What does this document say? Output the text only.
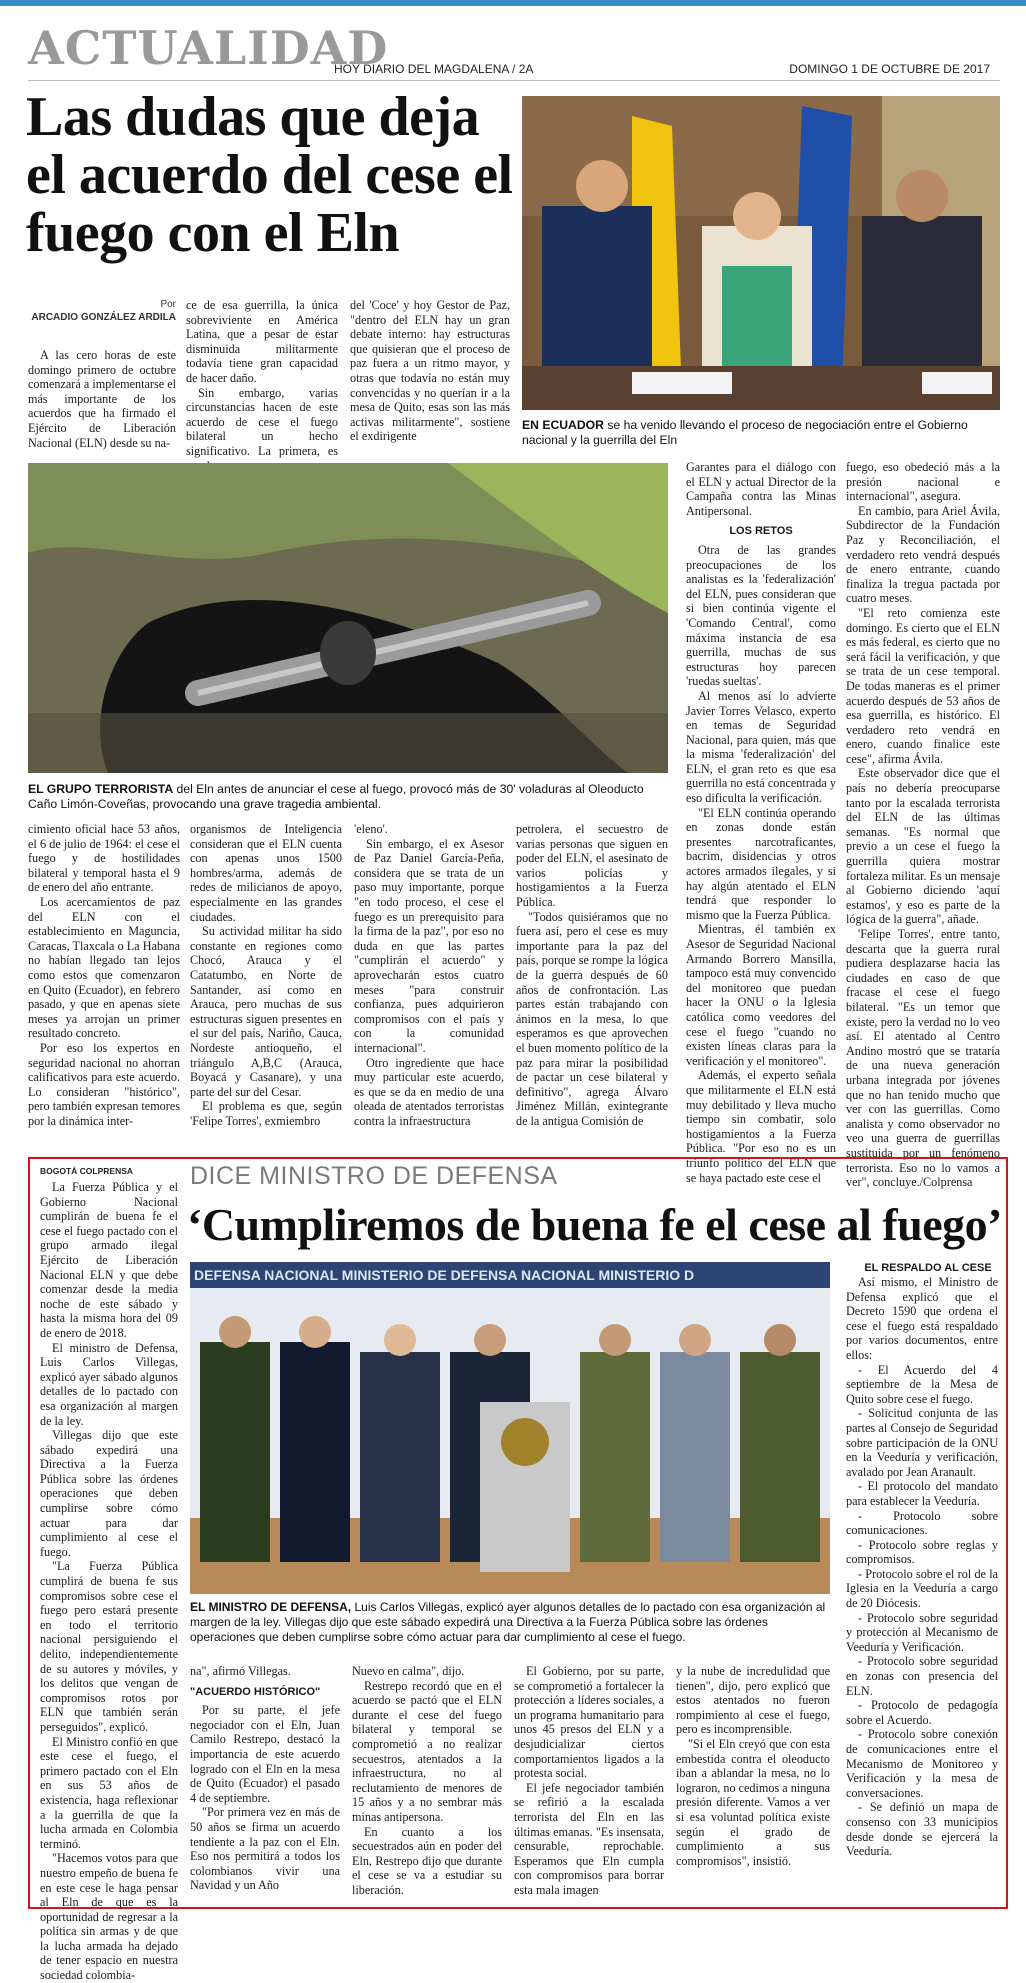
ACTUALIDAD
HOY DIARIO DEL MAGDALENA / 2A	DOMINGO 1 DE OCTUBRE DE 2017
Las dudas que deja el acuerdo del cese el fuego con el Eln
Por
ARCADIO GONZÁLEZ ARDILA

A las cero horas de este domingo primero de octubre comenzará a implementarse el más importante de los acuerdos que ha firmado el Ejército de Liberación Nacional (ELN) desde su na-

ce de esa guerrilla, la única sobreviviente en América Latina, que a pesar de estar disminuida militarmente todavía tiene gran capacidad de hacer daño.

Sin embargo, varias circunstancias hacen de este acuerdo de cese el fuego bilateral un hecho significativo. La primera, es

del 'Coce' y hoy Gestor de Paz, "dentro del ELN hay un gran debate interno: hay estructuras que quisieran que el proceso de paz fuera a un ritmo mayor, y otras que todavía no están muy convencidas y no querían ir a la mesa de Quito, esas son las más activas militarmente", sostiene el exdirigente

EN ECUADOR se ha venido llevando el proceso de negociación entre el Gobierno nacional y la guerrilla del Eln
EL GRUPO TERRORISTA del Eln antes de anunciar el cese al fuego, provocó más de 30' voladuras al Oleoducto Caño Limón-Coveñas, provocando una grave tragedia ambiental.

Garantes para el diálogo con el ELN y actual Director de la Campaña contra las Minas Antipersonal.

LOS RETOS

Otra de las grandes preocupaciones de los analistas es la 'federalización' del ELN, pues consideran que si bien continúa vigente el 'Comando Central', como máxima instancia de esa guerrilla, muchas de sus estructuras hoy parecen 'ruedas sueltas'.

Al menos así lo advierte Javier Torres Velasco, experto en temas de Seguridad Nacional, para quien, más que la misma 'federalización' del ELN, el gran reto es que esa guerrilla no está concentrada y eso dificulta la verificación.

"El ELN continúa operando en zonas donde están presentes narcotraficantes, bacrim, disidencias y otros actores armados ilegales, y si hay algún atentado el ELN tendrá que responder lo mismo que la Fuerza Pública.

Mientras, él también ex Asesor de Seguridad Nacional Armando Borrero Mansilla, tampoco está muy convencido del monitoreo que puedan hacer la ONU o la Iglesia católica como veedores del cese el fuego "cuando no existen líneas claras para la verificación y el monitoreo".

Además, el experto señala que militarmente el ELN está muy debilitado y lleva mucho tiempo sin combatir, solo hostigamientos a la Fuerza Pública. "Por eso no es un triunfo político del ELN que se haya pactado este cese el

fuego, eso obedeció más a la presión nacional e internacional", asegura.

En cambio, para Ariel Ávila, Subdirector de la Fundación Paz y Reconciliación, el verdadero reto vendrá después de enero entrante, cuando finaliza la tregua pactada por cuatro meses.

"El reto comienza este domingo. Es cierto que el ELN es más federal, es cierto que no será fácil la verificación, y que se trata de un cese temporal. De todas maneras es el primer acuerdo después de 53 años de esa guerrilla, es histórico. El verdadero reto vendrá en enero, cuando finalice este cese", afirma Ávila.

Este observador dice que el país no debería preocuparse tanto por la escalada terrorista del ELN de las últimas semanas. "Es normal que previo a un cese el fuego la guerrilla quiera mostrar fortaleza militar. Es un mensaje al Gobierno diciendo 'aquí estamos', y eso es parte de la lógica de la guerra", añade.

'Felipe Torres', entre tanto, descarta que la guerra rural pudiera desplazarse hacia las ciudades en caso de que fracase el cese el fuego bilateral. "Es un temor que existe, pero la verdad no lo veo así. El atentado al Centro Andino mostró que se trataría de una nueva generación urbana integrada por jóvenes que no han tenido mucho que ver con las guerrillas. Como analista y como observador no veo una guerra de guerrillas sustituida por un fenómeno terrorista. Eso no lo vamos a ver", concluye./Colprensa

cimiento oficial hace 53 años, el 6 de julio de 1964: el cese el fuego y de hostilidades bilateral y temporal hasta el 9 de enero del año entrante.

Los acercamientos de paz del ELN con el establecimiento en Maguncia, Caracas, Tlaxcala o La Habana no habían llegado tan lejos como estos que comenzaron en Quito (Ecuador), en febrero pasado, y que en apenas siete meses ya arrojan un primer resultado concreto.

Por eso los expertos en seguridad nacional no ahorran calificativos para este acuerdo. Lo consideran "histórico", pero también expresan temores por la dinámica inter-

organismos de Inteligencia consideran que el ELN cuenta con apenas unos 1500 hombres/arma, además de redes de milicianos de apoyo, especialmente en las grandes ciudades.

Su actividad militar ha sido constante en regiones como Chocó, Arauca y el Catatumbo, en Norte de Santander, así como en Arauca, pero muchas de sus estructuras siguen presentes en el sur del país, Nariño, Cauca, Nordeste antioqueño, el triángulo A,B,C (Arauca, Boyacá y Casanare), y una parte del sur del Cesar.

El problema es que, según 'Felipe Torres', exmiembro

'eleno'.

Sin embargo, el ex Asesor de Paz Daniel García-Peña, considera que se trata de un paso muy importante, porque "en todo proceso, el cese el fuego es un prerequisito para la firma de la paz", por eso no duda en que las partes "cumplirán el acuerdo" y aprovecharán estos cuatro meses "para construir confianza, pues adquirieron compromisos con el país y con la comunidad internacional".

Otro ingrediente que hace muy particular este acuerdo, es que se da en medio de una oleada de atentados terroristas contra la infraestructura

petrolera, el secuestro de varias personas que siguen en poder del ELN, el asesinato de varios policías y hostigamientos a la Fuerza Pública.

"Todos quisiéramos que no fuera así, pero el cese es muy importante para la paz del país, porque se rompe la lógica de la guerra después de 60 años de confrontación. Las partes están trabajando con ánimos en la mesa, lo que esperamos es que aprovechen el buen momento político de la paz para mirar la posibilidad de pactar un cese bilateral y definitivo", agrega Álvaro Jiménez Millán, exintegrante de la antigua Comisión de

BOGOTÁ COLPRENSA DICE MINISTRO DE DEFENSA
‘Cumpliremos de buena fe el cese al fuego’

La Fuerza Pública y el Gobierno Nacional cumplirán de buena fe el cese el fuego pactado con el grupo armado ilegal Ejército de Liberación Nacional ELN y que debe comenzar desde la media noche de este sábado y hasta la misma hora del 09 de enero de 2018.

El ministro de Defensa, Luis Carlos Villegas, explicó ayer sábado algunos detalles de lo pactado con esa organización al margen de la ley.

Villegas dijo que este sábado expedirá una Directiva a la Fuerza Pública sobre las órdenes operaciones que deben cumplirse sobre cómo actuar para dar cumplimiento al cese el fuego.

"La Fuerza Pública cumplirá de buena fe sus compromisos sobre cese el fuego pero estará presente en todo el territorio nacional persiguiendo el delito, independientemente de su autores y móviles, y los delitos que vengan de compromisos rotos por ELN que también serán perseguidos", explicó.

El Ministro confió en que este cese el fuego, el primero pactado con el Eln en sus 53 años de existencia, haga reflexionar a la guerrilla de que la lucha armada en Colombia terminó.

"Hacemos votos para que nuestro empeño de buena fe en este cese le haga pensar al Eln de que es la oportunidad de regresar a la política sin armas y de que la lucha armada ha dejado de tener espacio en nuestra sociedad colombia-

DEFENSA NACIONAL MINISTERIO DE DEFENSA NACIONAL MINISTERIO D
EL MINISTRO DE DEFENSA, Luis Carlos Villegas, explicó ayer algunos detalles de lo pactado con esa organización al margen de la ley. Villegas dijo que este sábado expedirá una Directiva a la Fuerza Pública sobre las órdenes operaciones que deben cumplirse sobre cómo actuar para dar cumplimiento al cese el fuego.

na", afirmó Villegas.

"ACUERDO HISTÓRICO"

Por su parte, el jefe negociador con el Eln, Juan Camilo Restrepo, destacó la importancia de este acuerdo logrado con el Eln en la mesa de Quito (Ecuador) el pasado 4 de septiembre.

"Por primera vez en más de 50 años se firma un acuerdo tendiente a la paz con el Eln. Eso nos permitirá a todos los colombianos vivir una Navidad y un Año

Nuevo en calma", dijo.

Restrepo recordó que en el acuerdo se pactó que el ELN durante el cese del fuego bilateral y temporal se comprometió a no realizar secuestros, atentados a la infraestructura, no al reclutamiento de menores de 15 años y a no sembrar más minas antipersona.

En cuanto a los secuestrados aún en poder del Eln, Restrepo dijo que durante el cese se va a estudiar su liberación.

El Gobierno, por su parte, se comprometió a fortalecer la protección a líderes sociales, a un programa humanitario para unos 45 presos del ELN y a desjudicializar ciertos comportamientos ligados a la protesta social.

El jefe negociador también se refirió a la escalada terrorista del Eln en las últimas emanas. "Es insensata, censurable, reprochable. Esperamos que Eln cumpla con compromisos para borrar esta mala imagen

y la nube de incredulidad que tienen", dijo, pero explicó que estos atentados no fueron rompimiento al cese el fuego, pero es incomprensible.

"Si el Eln creyó que con esta embestida contra el oleoducto iban a ablandar la mesa, no lo lograron, no cedimos a ninguna presión diferente. Vamos a ver si esa voluntad política existe según el grado de cumplimiento a sus compromisos", insistió.

EL RESPALDO AL CESE

Así mismo, el Ministro de Defensa explicó que el Decreto 1590 que ordena el cese el fuego está respaldado por varios documentos, entre ellos:

- El Acuerdo del 4 septiembre de la Mesa de Quito sobre cese el fuego.

- Solicitud conjunta de las partes al Consejo de Seguridad sobre participación de la ONU en la Veeduría y verificación, avalado por Jean Aranault.

- El protocolo del mandato para establecer la Veeduría.

- Protocolo sobre comunicaciones.

- Protocolo sobre reglas y compromisos.

- Protocolo sobre el rol de la Iglesia en la Veeduría a cargo de 20 Diócesis.

- Protocolo sobre seguridad y protección al Mecanismo de Veeduría y Verificación.

- Protocolo sobre seguridad en zonas con presencia del ELN.

- Protocolo de pedagogía sobre el Acuerdo.

- Protocolo sobre conexión de comunicaciones entre el Mecanismo de Monitoreo y Verificación y la mesa de conversaciones.

- Se definió un mapa de consenso con 33 municipios desde donde se ejercerá la Veeduría.
